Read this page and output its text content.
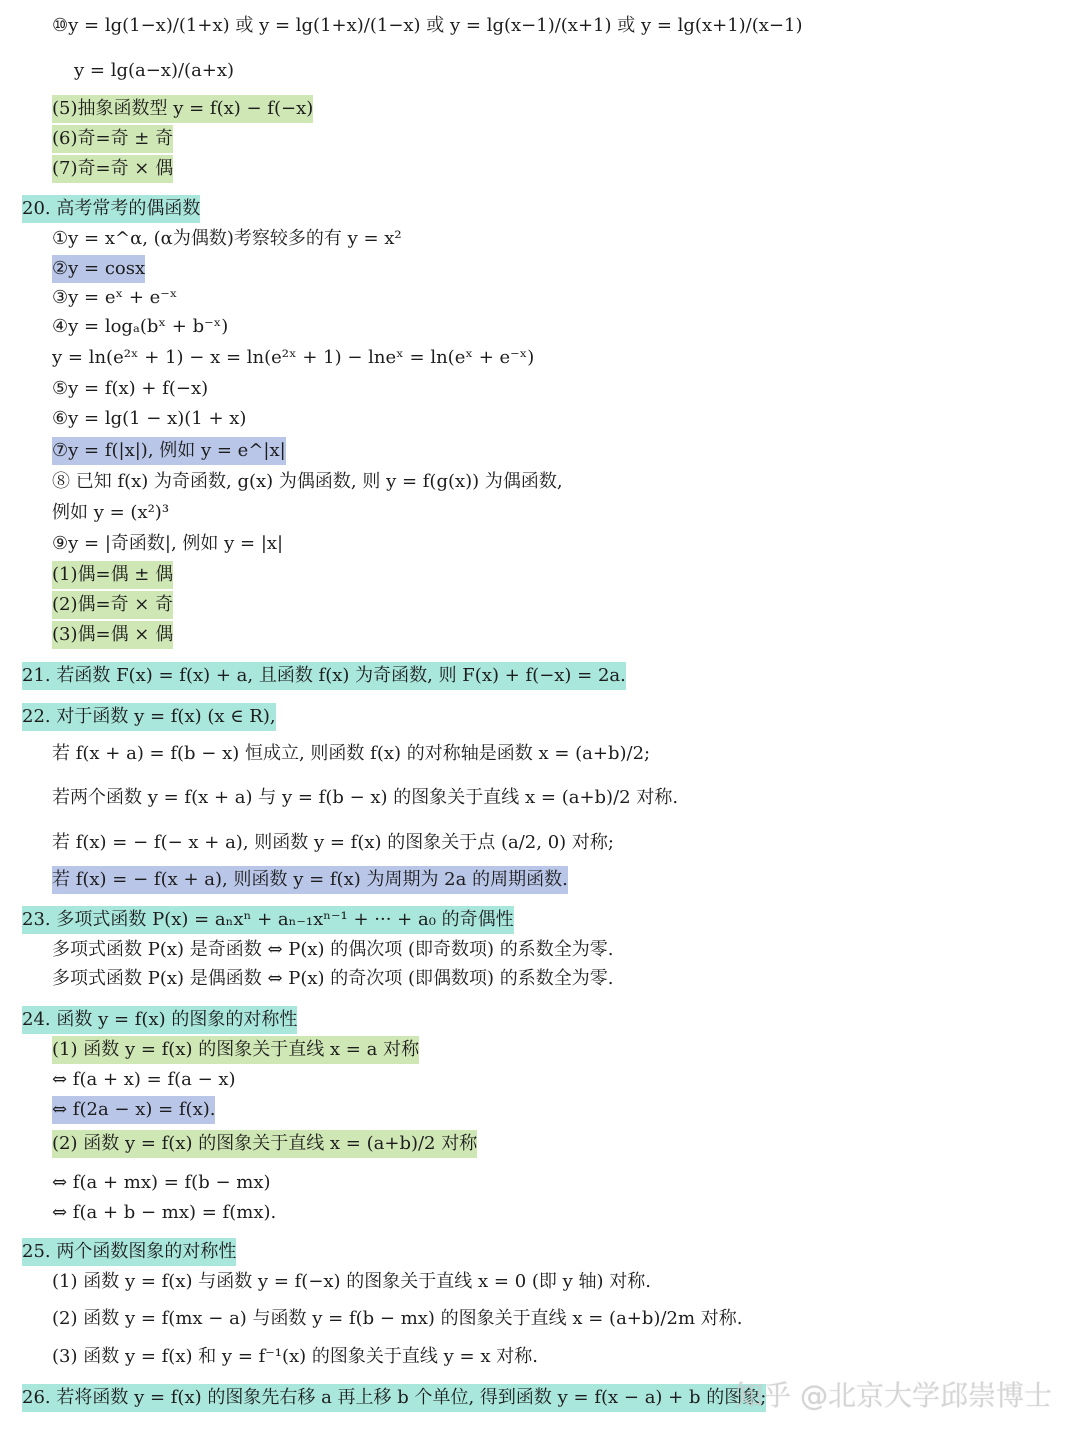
⑩y = lg(1−x)/(1+x) 或 y = lg(1+x)/(1−x) 或 y = lg(x−1)/(x+1) 或 y = lg(x+1)/(x−1)
y = lg(a−x)/(a+x)
(5)抽象函数型 y = f(x) − f(−x)
(6)奇=奇 ± 奇
(7)奇=奇 × 偶
20. 高考常考的偶函数
①y = x^α, (α为偶数)考察较多的有 y = x²
②y = cosx
③y = eˣ + e⁻ˣ
④y = logₐ(bˣ + b⁻ˣ)
y = ln(e²ˣ + 1) − x = ln(e²ˣ + 1) − lneˣ = ln(eˣ + e⁻ˣ)
⑤y = f(x) + f(−x)
⑥y = lg(1 − x)(1 + x)
⑦y = f(|x|), 例如 y = e^|x|
⑧ 已知 f(x) 为奇函数, g(x) 为偶函数, 则 y = f(g(x)) 为偶函数,
例如 y = (x²)³
⑨y = |奇函数|, 例如 y = |x|
(1)偶=偶 ± 偶
(2)偶=奇 × 奇
(3)偶=偶 × 偶
21. 若函数 F(x) = f(x) + a, 且函数 f(x) 为奇函数, 则 F(x) + f(−x) = 2a.
22. 对于函数 y = f(x) (x ∈ R),
若 f(x + a) = f(b − x) 恒成立, 则函数 f(x) 的对称轴是函数 x = (a+b)/2;
若两个函数 y = f(x + a) 与 y = f(b − x) 的图象关于直线 x = (a+b)/2 对称.
若 f(x) = − f(− x + a), 则函数 y = f(x) 的图象关于点 (a/2, 0) 对称;
若 f(x) = − f(x + a), 则函数 y = f(x) 为周期为 2a 的周期函数.
23. 多项式函数 P(x) = aₙxⁿ + aₙ₋₁xⁿ⁻¹ + ··· + a₀ 的奇偶性
多项式函数 P(x) 是奇函数 ⇔ P(x) 的偶次项 (即奇数项) 的系数全为零.
多项式函数 P(x) 是偶函数 ⇔ P(x) 的奇次项 (即偶数项) 的系数全为零.
24. 函数 y = f(x) 的图象的对称性
(1) 函数 y = f(x) 的图象关于直线 x = a 对称
⇔ f(a + x) = f(a − x)
⇔ f(2a − x) = f(x).
(2) 函数 y = f(x) 的图象关于直线 x = (a+b)/2 对称
⇔ f(a + mx) = f(b − mx)
⇔ f(a + b − mx) = f(mx).
25. 两个函数图象的对称性
(1) 函数 y = f(x) 与函数 y = f(−x) 的图象关于直线 x = 0 (即 y 轴) 对称.
(2) 函数 y = f(mx − a) 与函数 y = f(b − mx) 的图象关于直线 x = (a+b)/2m 对称.
(3) 函数 y = f(x) 和 y = f⁻¹(x) 的图象关于直线 y = x 对称.
26. 若将函数 y = f(x) 的图象先右移 a 再上移 b 个单位, 得到函数 y = f(x − a) + b 的图象;
知乎 @北京大学邱崇博士
